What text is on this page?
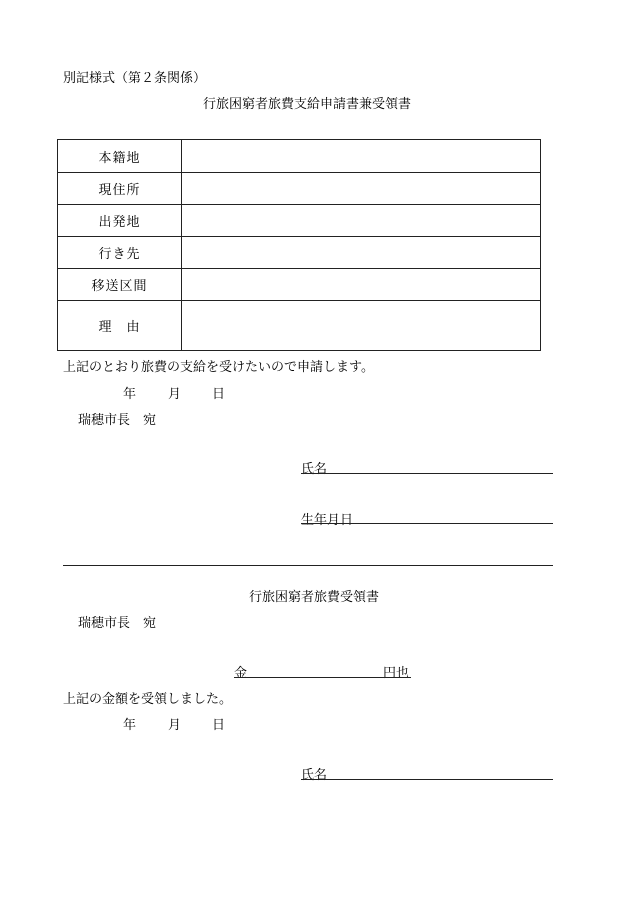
別記様式（第２条関係）
行旅困窮者旅費支給申請書兼受領書
本籍地
現住所
出発地
行き先
移送区間
理　由
上記のとおり旅費の支給を受けたいので申請します。
年 月 日
瑞穂市長　宛
氏名
生年月日
行旅困窮者旅費受領書
瑞穂市長　宛
金	円也
上記の金額を受領しました。
年 月 日
氏名
